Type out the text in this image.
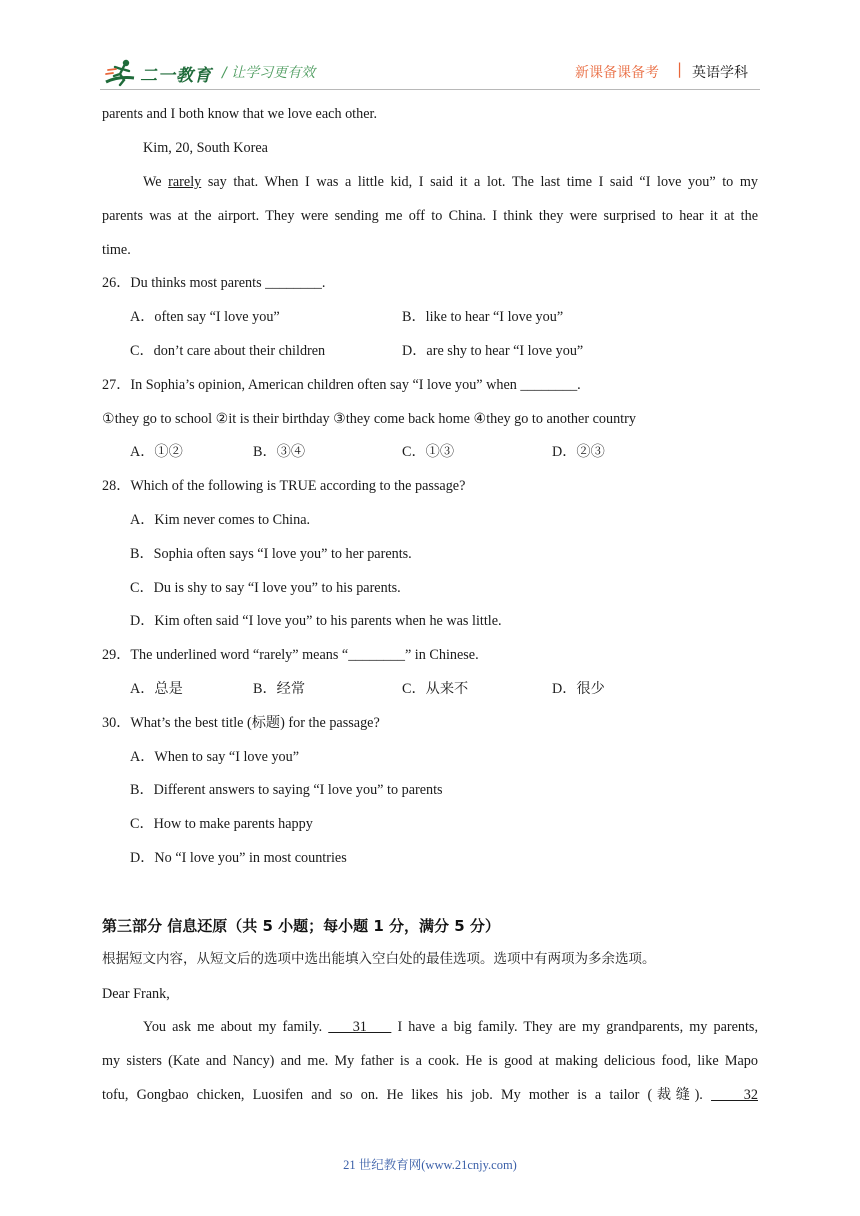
二一教育 / 让学习更有效	新课备课备考 | 英语学科
parents and I both know that we love each other.
Kim, 20, South Korea
We rarely say that. When I was a little kid, I said it a lot. The last time I said “I love you” to my
parents was at the airport. They were sending me off to China. I think they were surprised to hear it at the
time.
26．Du thinks most parents ________.
A．often say “I love you”	B．like to hear “I love you”
C．don’t care about their children	D．are shy to hear “I love you”
27．In Sophia’s opinion, American children often say “I love you” when ________.
①they go to school ②it is their birthday ③they come back home ④they go to another country
A．①②	B．③④	C．①③	D．②③
28．Which of the following is TRUE according to the passage?
A．Kim never comes to China.
B．Sophia often says “I love you” to her parents.
C．Du is shy to say “I love you” to his parents.
D．Kim often said “I love you” to his parents when he was little.
29．The underlined word “rarely” means “________” in Chinese.
A．总是	B．经常	C．从来不	D．很少
30．What’s the best title (标题) for the passage?
A．When to say “I love you”
B．Different answers to saying “I love you” to parents
C．How to make parents happy
D．No “I love you” in most countries
第三部分 信息还原（共 5 小题；每小题 1 分，满分 5 分）
根据短文内容，从短文后的选项中选出能填入空白处的最佳选项。选项中有两项为多余选项。
Dear Frank,
You ask me about my family.     31     I have a big family. They are my grandparents, my parents,
my sisters (Kate and Nancy) and me. My father is a cook. He is good at making delicious food, like Mapo
tofu, Gongbao chicken, Luosifen and so on. He likes his job. My mother is a tailor (裁缝).     32
21 世纪教育网(www.21cnjy.com)
